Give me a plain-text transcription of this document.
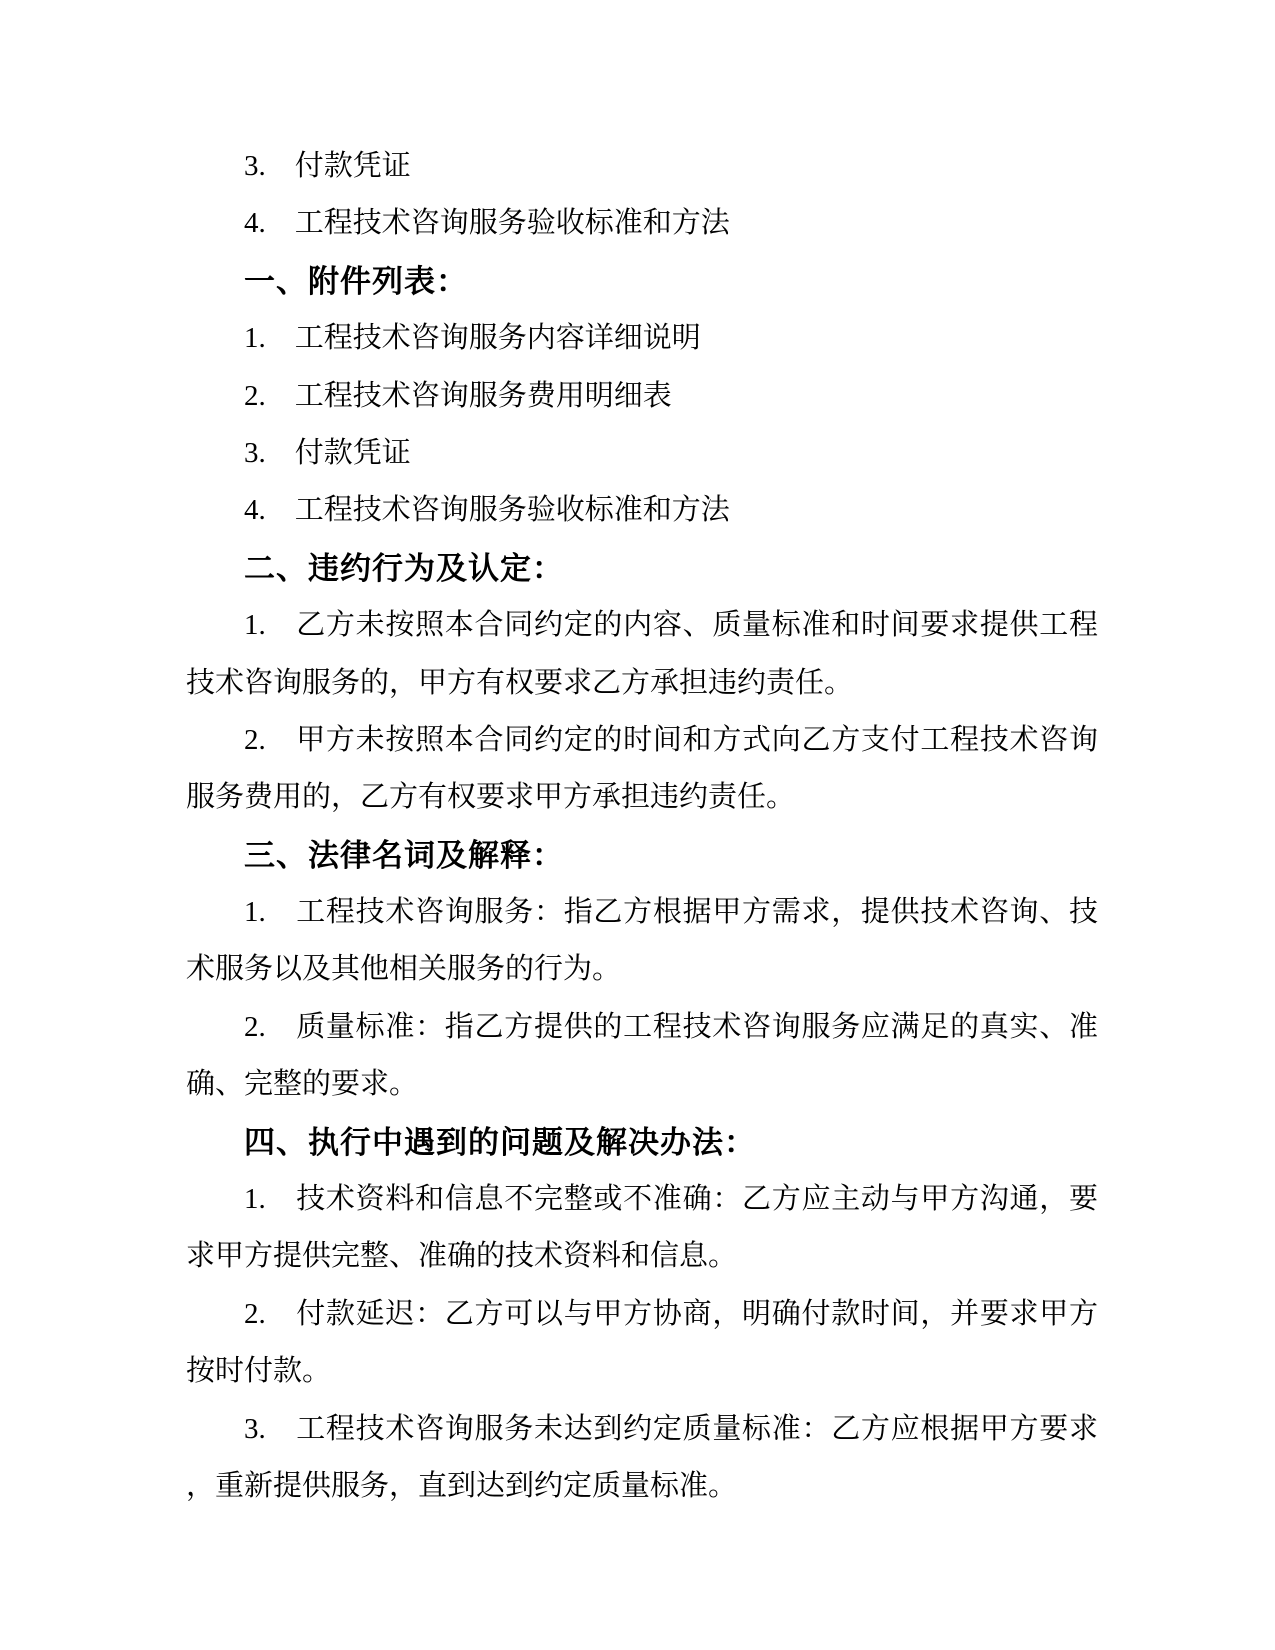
3.　付款凭证
4.　工程技术咨询服务验收标准和方法
一、附件列表：
1.　工程技术咨询服务内容详细说明
2.　工程技术咨询服务费用明细表
3.　付款凭证
4.　工程技术咨询服务验收标准和方法
二、违约行为及认定：
1.　乙方未按照本合同约定的内容、质量标准和时间要求提供工程
技术咨询服务的，甲方有权要求乙方承担违约责任。
2.　甲方未按照本合同约定的时间和方式向乙方支付工程技术咨询
服务费用的，乙方有权要求甲方承担违约责任。
三、法律名词及解释：
1.　工程技术咨询服务：指乙方根据甲方需求，提供技术咨询、技
术服务以及其他相关服务的行为。
2.　质量标准：指乙方提供的工程技术咨询服务应满足的真实、准
确、完整的要求。
四、执行中遇到的问题及解决办法：
1.　技术资料和信息不完整或不准确：乙方应主动与甲方沟通，要
求甲方提供完整、准确的技术资料和信息。
2.　付款延迟：乙方可以与甲方协商，明确付款时间，并要求甲方
按时付款。
3.　工程技术咨询服务未达到约定质量标准：乙方应根据甲方要求
，重新提供服务，直到达到约定质量标准。
